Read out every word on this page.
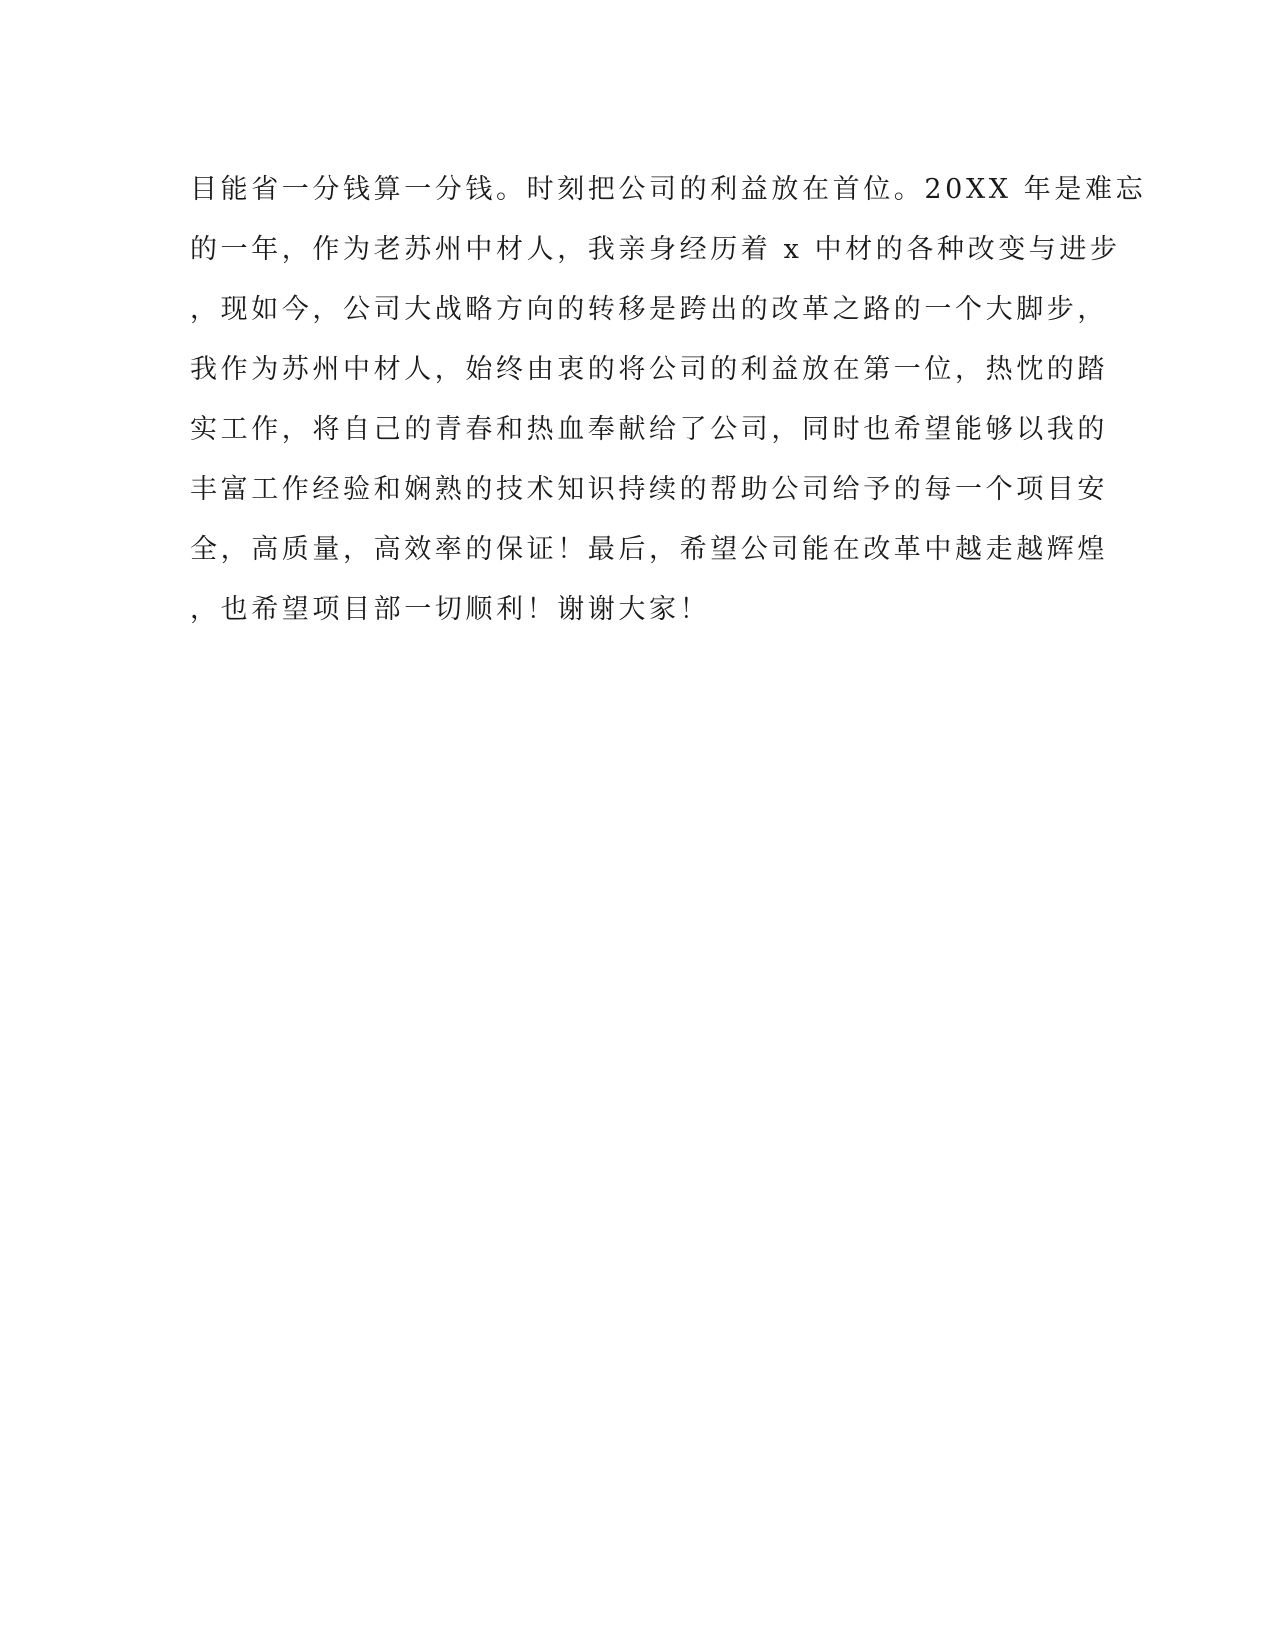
目能省一分钱算一分钱。时刻把公司的利益放在首位。20XX 年是难忘
的一年，作为老苏州中材人，我亲身经历着 x 中材的各种改变与进步
，现如今，公司大战略方向的转移是跨出的改革之路的一个大脚步，
我作为苏州中材人，始终由衷的将公司的利益放在第一位，热忱的踏
实工作，将自己的青春和热血奉献给了公司，同时也希望能够以我的
丰富工作经验和娴熟的技术知识持续的帮助公司给予的每一个项目安
全，高质量，高效率的保证！最后，希望公司能在改革中越走越辉煌
，也希望项目部一切顺利！谢谢大家！
